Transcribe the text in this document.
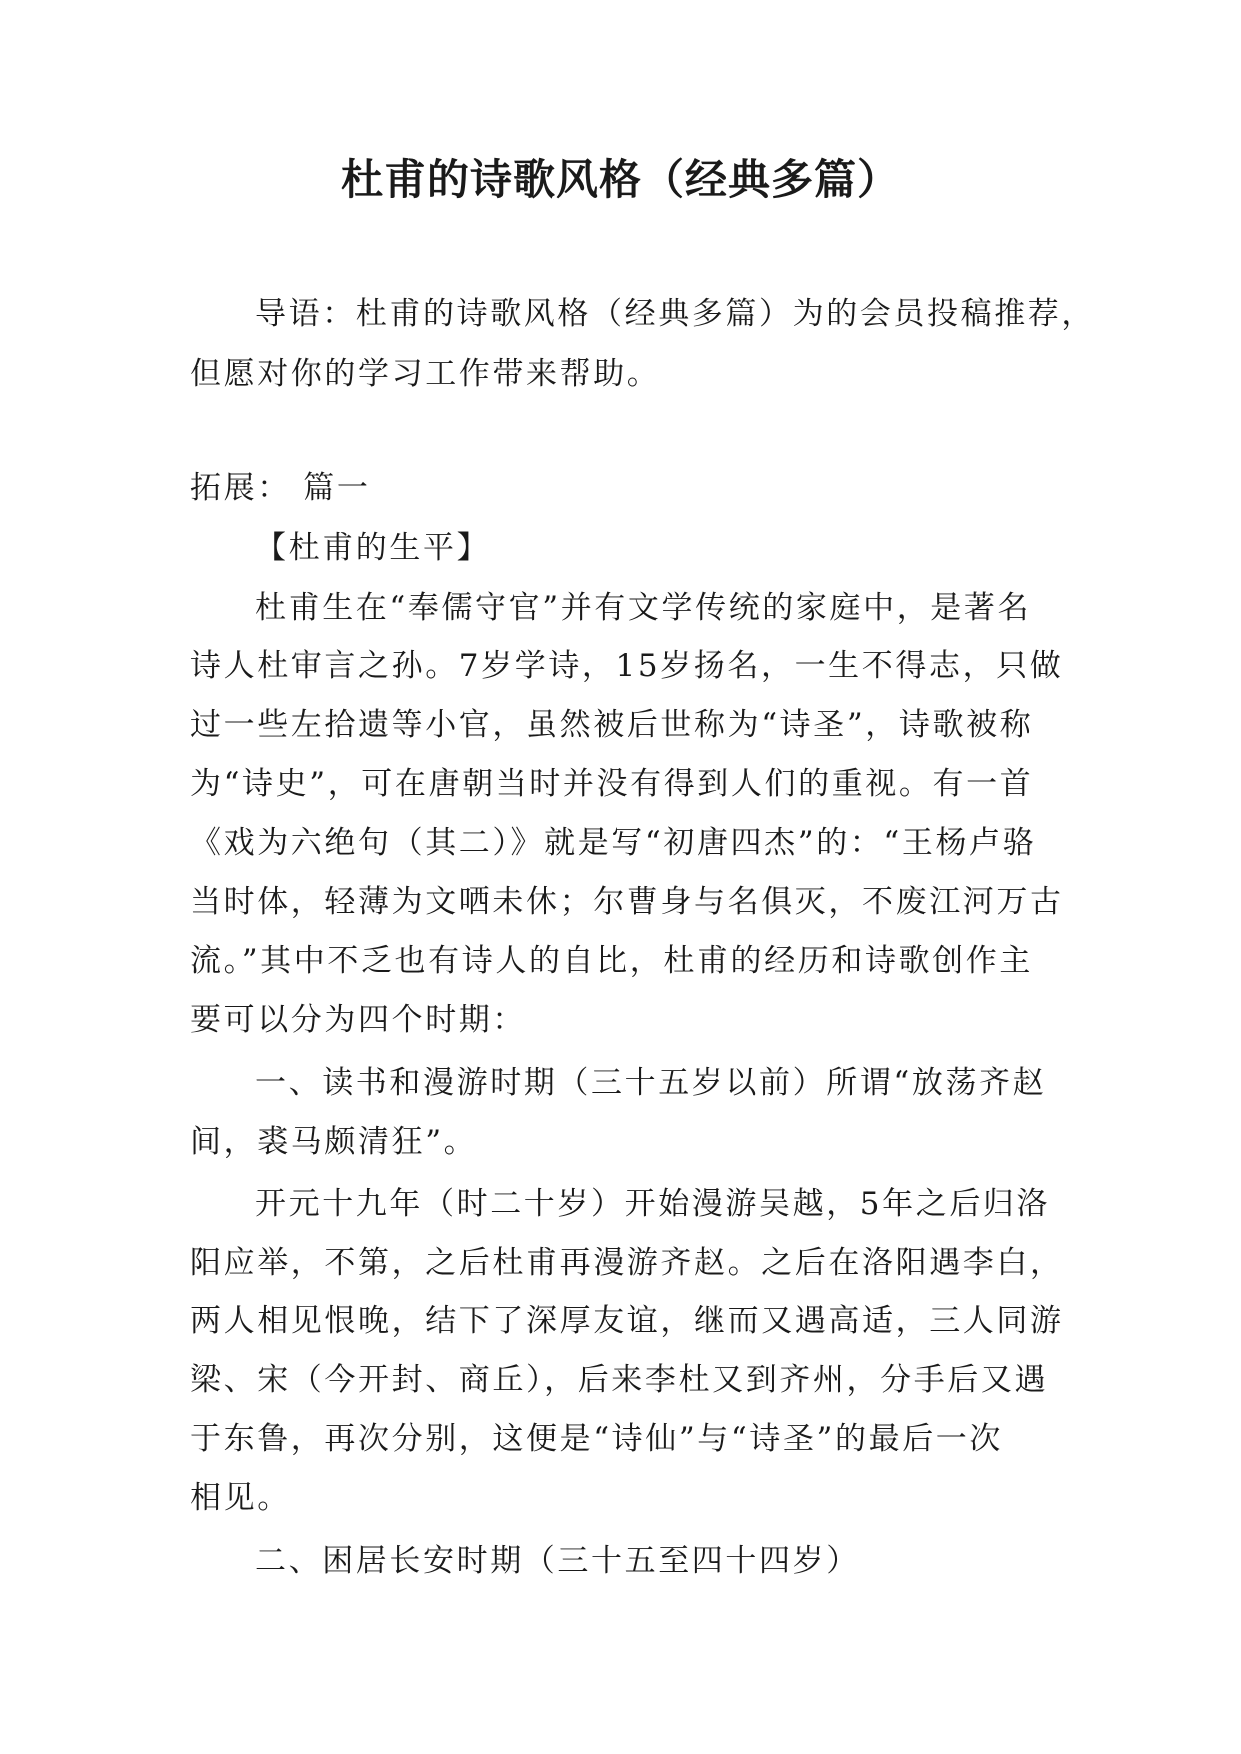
杜甫的诗歌风格（经典多篇）
导语：杜甫的诗歌风格（经典多篇）为的会员投稿推荐，
但愿对你的学习工作带来帮助。
拓展： 篇一
【杜甫的生平】
杜甫生在“奉儒守官”并有文学传统的家庭中，是著名
诗人杜审言之孙。7岁学诗，15岁扬名，一生不得志，只做
过一些左拾遗等小官，虽然被后世称为“诗圣”，诗歌被称
为“诗史”，可在唐朝当时并没有得到人们的重视。有一首
《戏为六绝句（其二）》就是写“初唐四杰”的：“王杨卢骆
当时体，轻薄为文哂未休；尔曹身与名俱灭，不废江河万古
流。”其中不乏也有诗人的自比，杜甫的经历和诗歌创作主
要可以分为四个时期：
一、读书和漫游时期（三十五岁以前）所谓“放荡齐赵
间，裘马颇清狂”。
开元十九年（时二十岁）开始漫游吴越，5年之后归洛
阳应举，不第，之后杜甫再漫游齐赵。之后在洛阳遇李白，
两人相见恨晚，结下了深厚友谊，继而又遇高适，三人同游
梁、宋（今开封、商丘），后来李杜又到齐州，分手后又遇
于东鲁，再次分别，这便是“诗仙”与“诗圣”的最后一次
相见。
二、困居长安时期（三十五至四十四岁）
